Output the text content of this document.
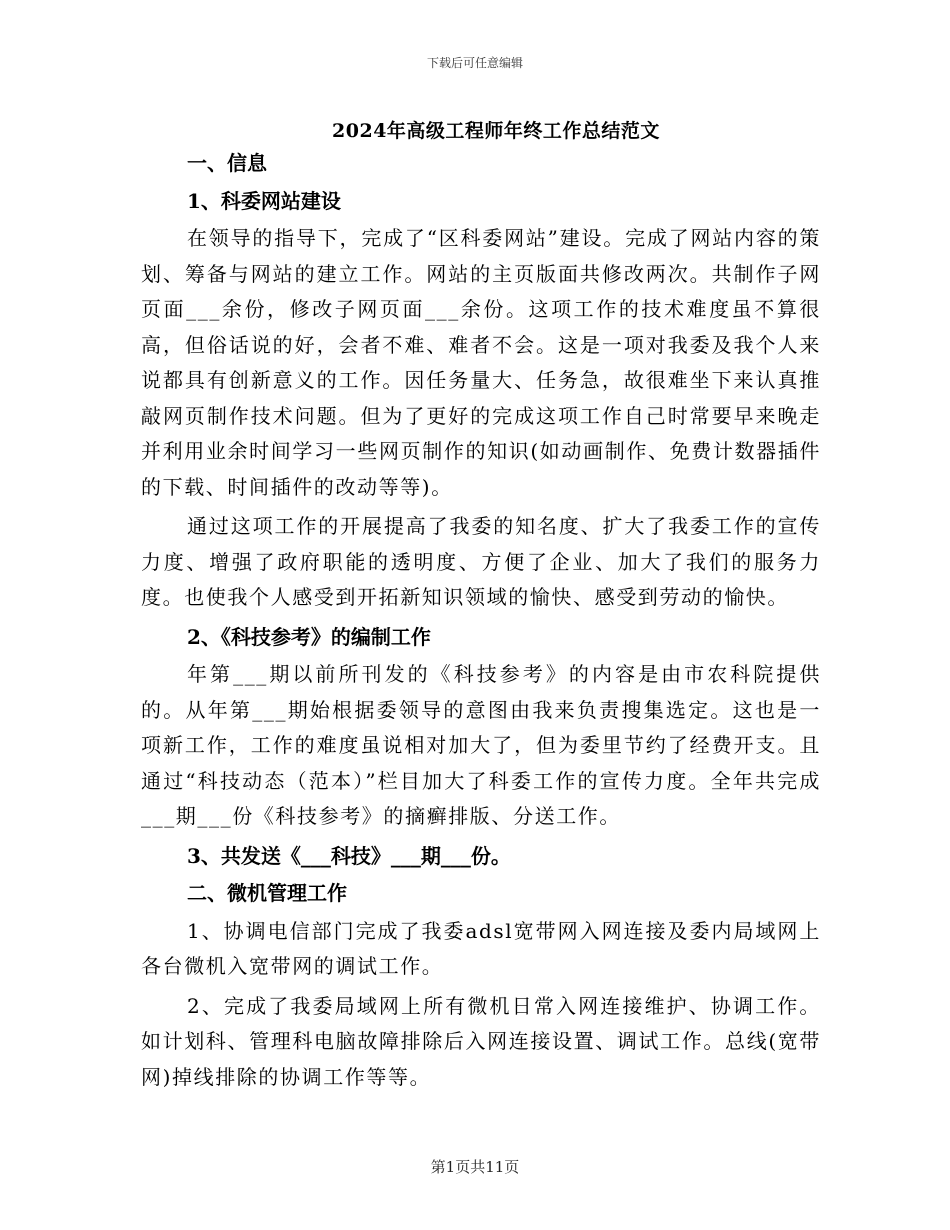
下载后可任意编辑
2024年高级工程师年终工作总结范文

一、信息

1、科委网站建设

在领导的指导下，完成了“区科委网站”建设。完成了网站内容的策划、筹备与网站的建立工作。网站的主页版面共修改两次。共制作子网页面___余份，修改子网页面___余份。这项工作的技术难度虽不算很高，但俗话说的好，会者不难、难者不会。这是一项对我委及我个人来说都具有创新意义的工作。因任务量大、任务急，故很难坐下来认真推敲网页制作技术问题。但为了更好的完成这项工作自己时常要早来晚走并利用业余时间学习一些网页制作的知识(如动画制作、免费计数器插件的下载、时间插件的改动等等)。

通过这项工作的开展提高了我委的知名度、扩大了我委工作的宣传力度、增强了政府职能的透明度、方便了企业、加大了我们的服务力度。也使我个人感受到开拓新知识领域的愉快、感受到劳动的愉快。

2、《科技参考》的编制工作

年第___期以前所刊发的《科技参考》的内容是由市农科院提供的。从年第___期始根据委领导的意图由我来负责搜集选定。这也是一项新工作，工作的难度虽说相对加大了，但为委里节约了经费开支。且通过“科技动态（范本）”栏目加大了科委工作的宣传力度。全年共完成___期___份《科技参考》的摘癣排版、分送工作。

3、共发送《___科技》___期___份。

二、微机管理工作

1、协调电信部门完成了我委adsl宽带网入网连接及委内局域网上各台微机入宽带网的调试工作。

2、完成了我委局域网上所有微机日常入网连接维护、协调工作。如计划科、管理科电脑故障排除后入网连接设置、调试工作。总线(宽带网)掉线排除的协调工作等等。

第1页共11页
